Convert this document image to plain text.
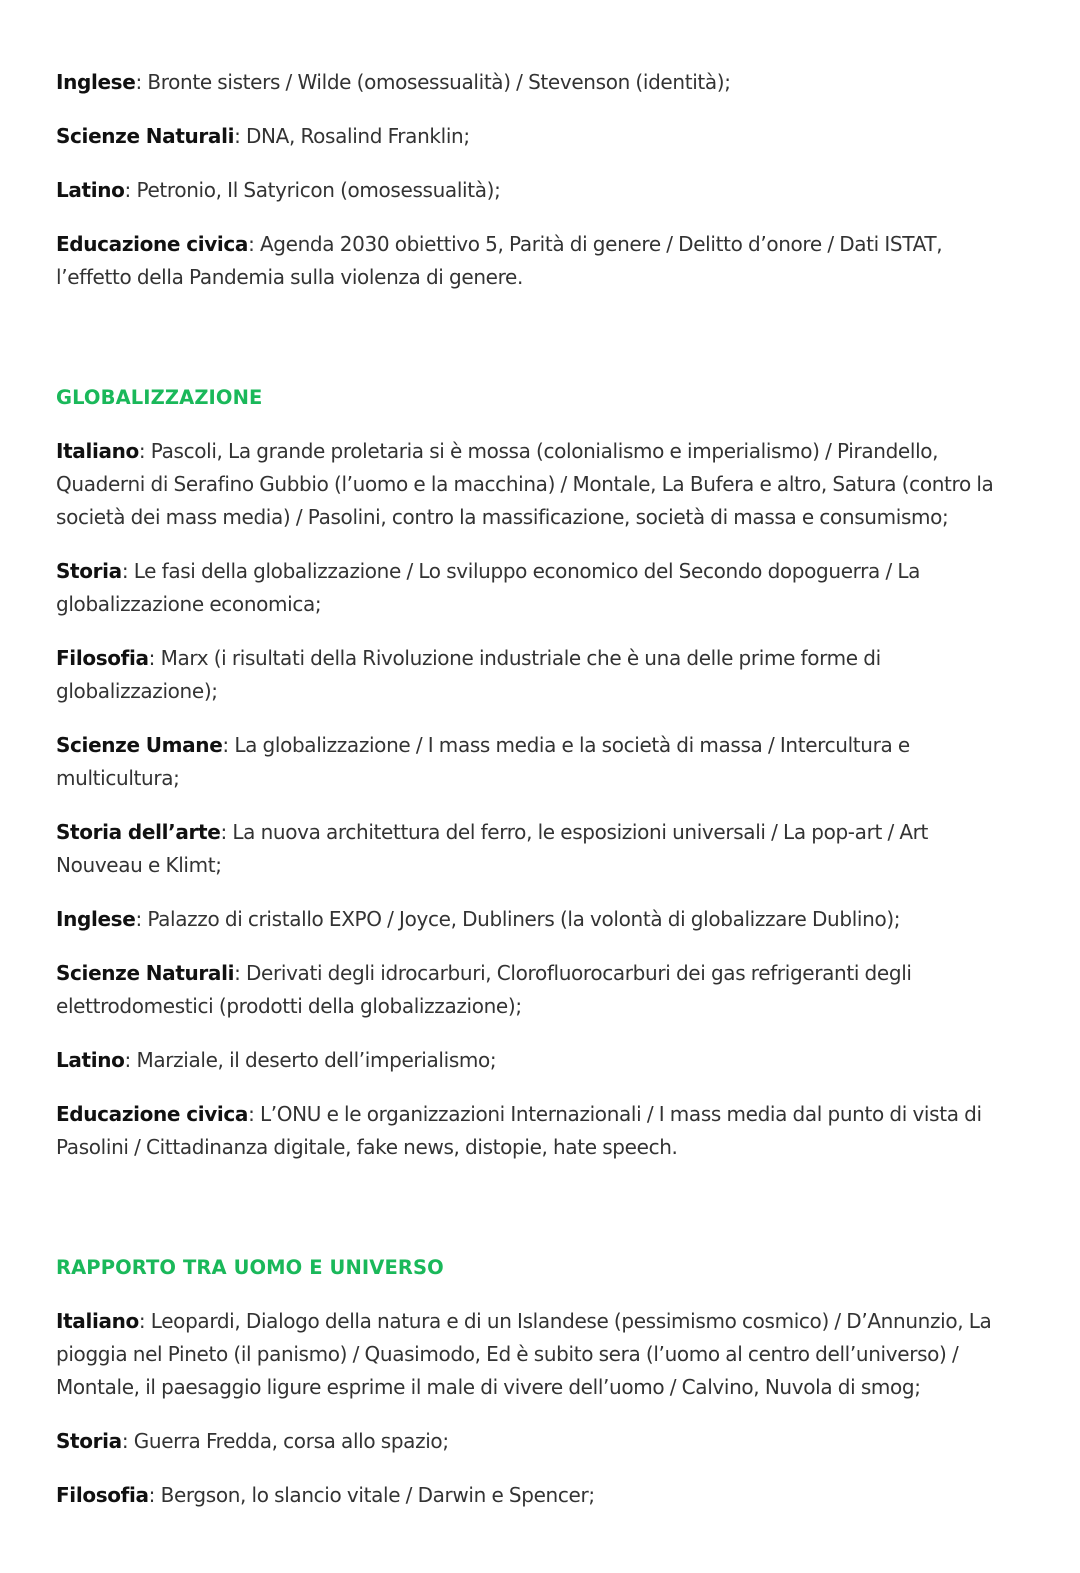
Inglese: Bronte sisters / Wilde (omosessualità) / Stevenson (identità);

Scienze Naturali: DNA, Rosalind Franklin;

Latino: Petronio, Il Satyricon (omosessualità);

Educazione civica: Agenda 2030 obiettivo 5, Parità di genere / Delitto d’onore / Dati ISTAT, l’effetto della Pandemia sulla violenza di genere.

GLOBALIZZAZIONE

Italiano: Pascoli, La grande proletaria si è mossa (colonialismo e imperialismo) / Pirandello, Quaderni di Serafino Gubbio (l’uomo e la macchina) / Montale, La Bufera e altro, Satura (contro la società dei mass media) / Pasolini, contro la massificazione, società di massa e consumismo;

Storia: Le fasi della globalizzazione / Lo sviluppo economico del Secondo dopoguerra / La globalizzazione economica;

Filosofia: Marx (i risultati della Rivoluzione industriale che è una delle prime forme di globalizzazione);

Scienze Umane: La globalizzazione / I mass media e la società di massa / Intercultura e multicultura;

Storia dell’arte: La nuova architettura del ferro, le esposizioni universali / La pop-art / Art Nouveau e Klimt;

Inglese: Palazzo di cristallo EXPO / Joyce, Dubliners (la volontà di globalizzare Dublino);

Scienze Naturali: Derivati degli idrocarburi, Clorofluorocarburi dei gas refrigeranti degli elettrodomestici (prodotti della globalizzazione);

Latino: Marziale, il deserto dell’imperialismo;

Educazione civica: L’ONU e le organizzazioni Internazionali / I mass media dal punto di vista di Pasolini / Cittadinanza digitale, fake news, distopie, hate speech.

RAPPORTO TRA UOMO E UNIVERSO

Italiano: Leopardi, Dialogo della natura e di un Islandese (pessimismo cosmico) / D’Annunzio, La pioggia nel Pineto (il panismo) / Quasimodo, Ed è subito sera (l’uomo al centro dell’universo) / Montale, il paesaggio ligure esprime il male di vivere dell’uomo / Calvino, Nuvola di smog;

Storia: Guerra Fredda, corsa allo spazio;

Filosofia: Bergson, lo slancio vitale / Darwin e Spencer;
